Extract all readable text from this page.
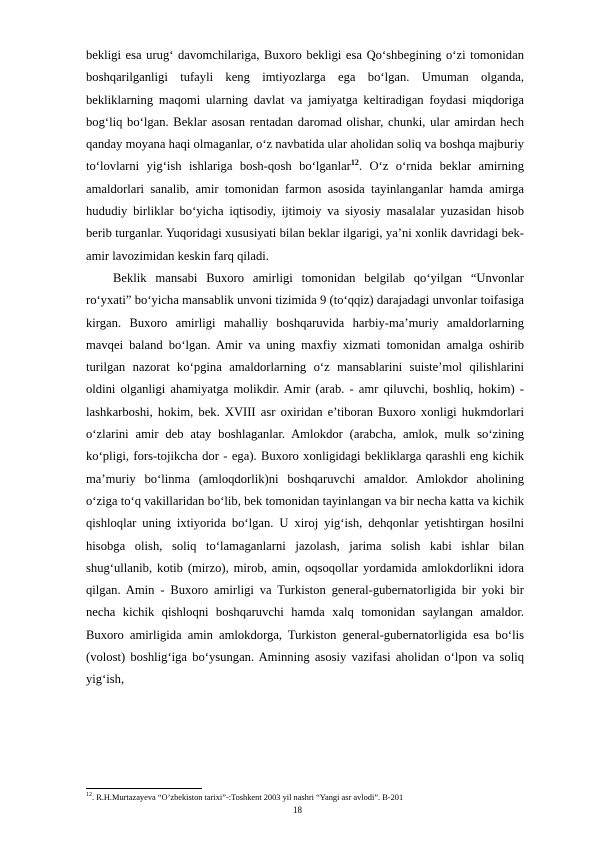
bekligi esa urug‘ davomchilariga, Buxoro bekligi esa Qo‘shbegining o‘zi tomonidan boshqarilganligi tufayli keng imtiyozlarga ega bo‘lgan. Umuman olganda, bekliklarning maqomi ularning davlat va jamiyatga keltiradigan foydasi miqdoriga bog‘liq bo‘lgan. Beklar asosan rentadan daromad olishar, chunki, ular amirdan hech qanday moyana haqi olmaganlar, o‘z navbatida ular aholidan soliq va boshqa majburiy to‘lovlarni yig‘ish ishlariga bosh-qosh bo‘lganlar$^{12}$. O‘z o‘rnida beklar amirning amaldorlari sanalib, amir tomonidan farmon asosida tayinlanganlar hamda amirga hududiy birliklar bo‘yicha iqtisodiy, ijtimoiy va siyosiy masalalar yuzasidan hisob berib turganlar. Yuqoridagi xususiyati bilan beklar ilgarigi, ya’ni xonlik davridagi bek- amir lavozimidan keskin farq qiladi.

Beklik mansabi Buxoro amirligi tomonidan belgilab qo‘yilgan “Unvonlar ro‘yxati” bo‘yicha mansablik unvoni tizimida 9 (to‘qqiz) darajadagi unvonlar toifasiga kirgan. Buxoro amirligi mahalliy boshqaruvida harbiy-ma’muriy amaldorlarning mavqei baland bo‘lgan. Amir va uning maxfiy xizmati tomonidan amalga oshirib turilgan nazorat ko‘pgina amaldorlarning o‘z mansablarini suiste’mol qilishlarini oldini olganligi ahamiyatga molikdir. Amir (arab. - amr qiluvchi, boshliq, hokim) - lashkarboshi, hokim, bek. XVIII asr oxiridan e’tiboran Buxoro xonligi hukmdorlari o‘zlarini amir deb atay boshlaganlar. Amlokdor (arabcha, amlok, mulk so‘zining ko‘pligi, fors-tojikcha dor - ega). Buxoro xonligidagi bekliklarga qarashli eng kichik ma’muriy bo‘linma (amloqdorlik)ni boshqaruvchi amaldor. Amlokdor aholining o‘ziga to‘q vakillaridan bo‘lib, bek tomonidan tayinlangan va bir necha katta va kichik qishloqlar uning ixtiyorida bo‘lgan. U xiroj yig‘ish, dehqonlar yetishtirgan hosilni hisobga olish, soliq to‘lamaganlarni jazolash, jarima solish kabi ishlar bilan shug‘ullanib, kotib (mirzo), mirob, amin, oqsoqollar yordamida amlokdorlikni idora qilgan. Amin - Buxoro amirligi va Turkiston general-gubernatorligida bir yoki bir necha kichik qishloqni boshqaruvchi hamda xalq tomonidan saylangan amaldor. Buxoro amirligida amin amlokdorga, Turkiston general-gubernatorligida esa bo‘lis (volost) boshlig‘iga bo‘ysungan. Aminning asosiy vazifasi aholidan o‘lpon va soliq yig‘ish,

$^{12}$. R.H.Murtazayeva “O’zbekiston tarixi”-:Toshkent 2003 yil nashri “Yangi asr avlodi”. B-201
18
